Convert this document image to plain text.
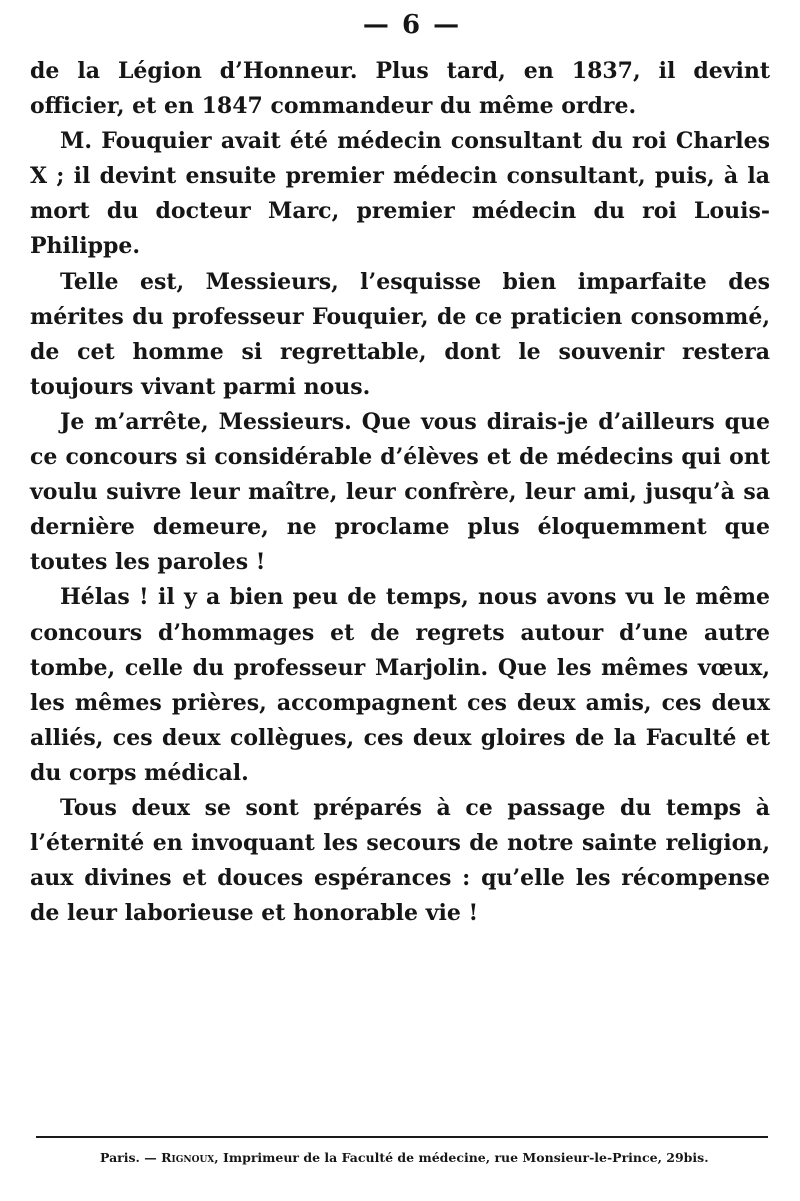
— 6 —

de la Légion d’Honneur. Plus tard, en 1837, il devint officier, et en 1847 commandeur du même ordre.

M. Fouquier avait été médecin consultant du roi Charles X ; il devint ensuite premier médecin consultant, puis, à la mort du docteur Marc, premier médecin du roi Louis-Philippe.

Telle est, Messieurs, l’esquisse bien imparfaite des mérites du professeur Fouquier, de ce praticien consommé, de cet homme si regrettable, dont le souvenir restera toujours vivant parmi nous.

Je m’arrête, Messieurs. Que vous dirais-je d’ailleurs que ce concours si considérable d’élèves et de médecins qui ont voulu suivre leur maître, leur confrère, leur ami, jusqu’à sa dernière demeure, ne proclame plus éloquemment que toutes les paroles !

Hélas ! il y a bien peu de temps, nous avons vu le même concours d’hommages et de regrets autour d’une autre tombe, celle du professeur Marjolin. Que les mêmes vœux, les mêmes prières, accompagnent ces deux amis, ces deux alliés, ces deux collègues, ces deux gloires de la Faculté et du corps médical.

Tous deux se sont préparés à ce passage du temps à l’éternité en invoquant les secours de notre sainte religion, aux divines et douces espérances : qu’elle les récompense de leur laborieuse et honorable vie !

Paris. — Rignoux, Imprimeur de la Faculté de médecine, rue Monsieur-le-Prince, 29bis.
